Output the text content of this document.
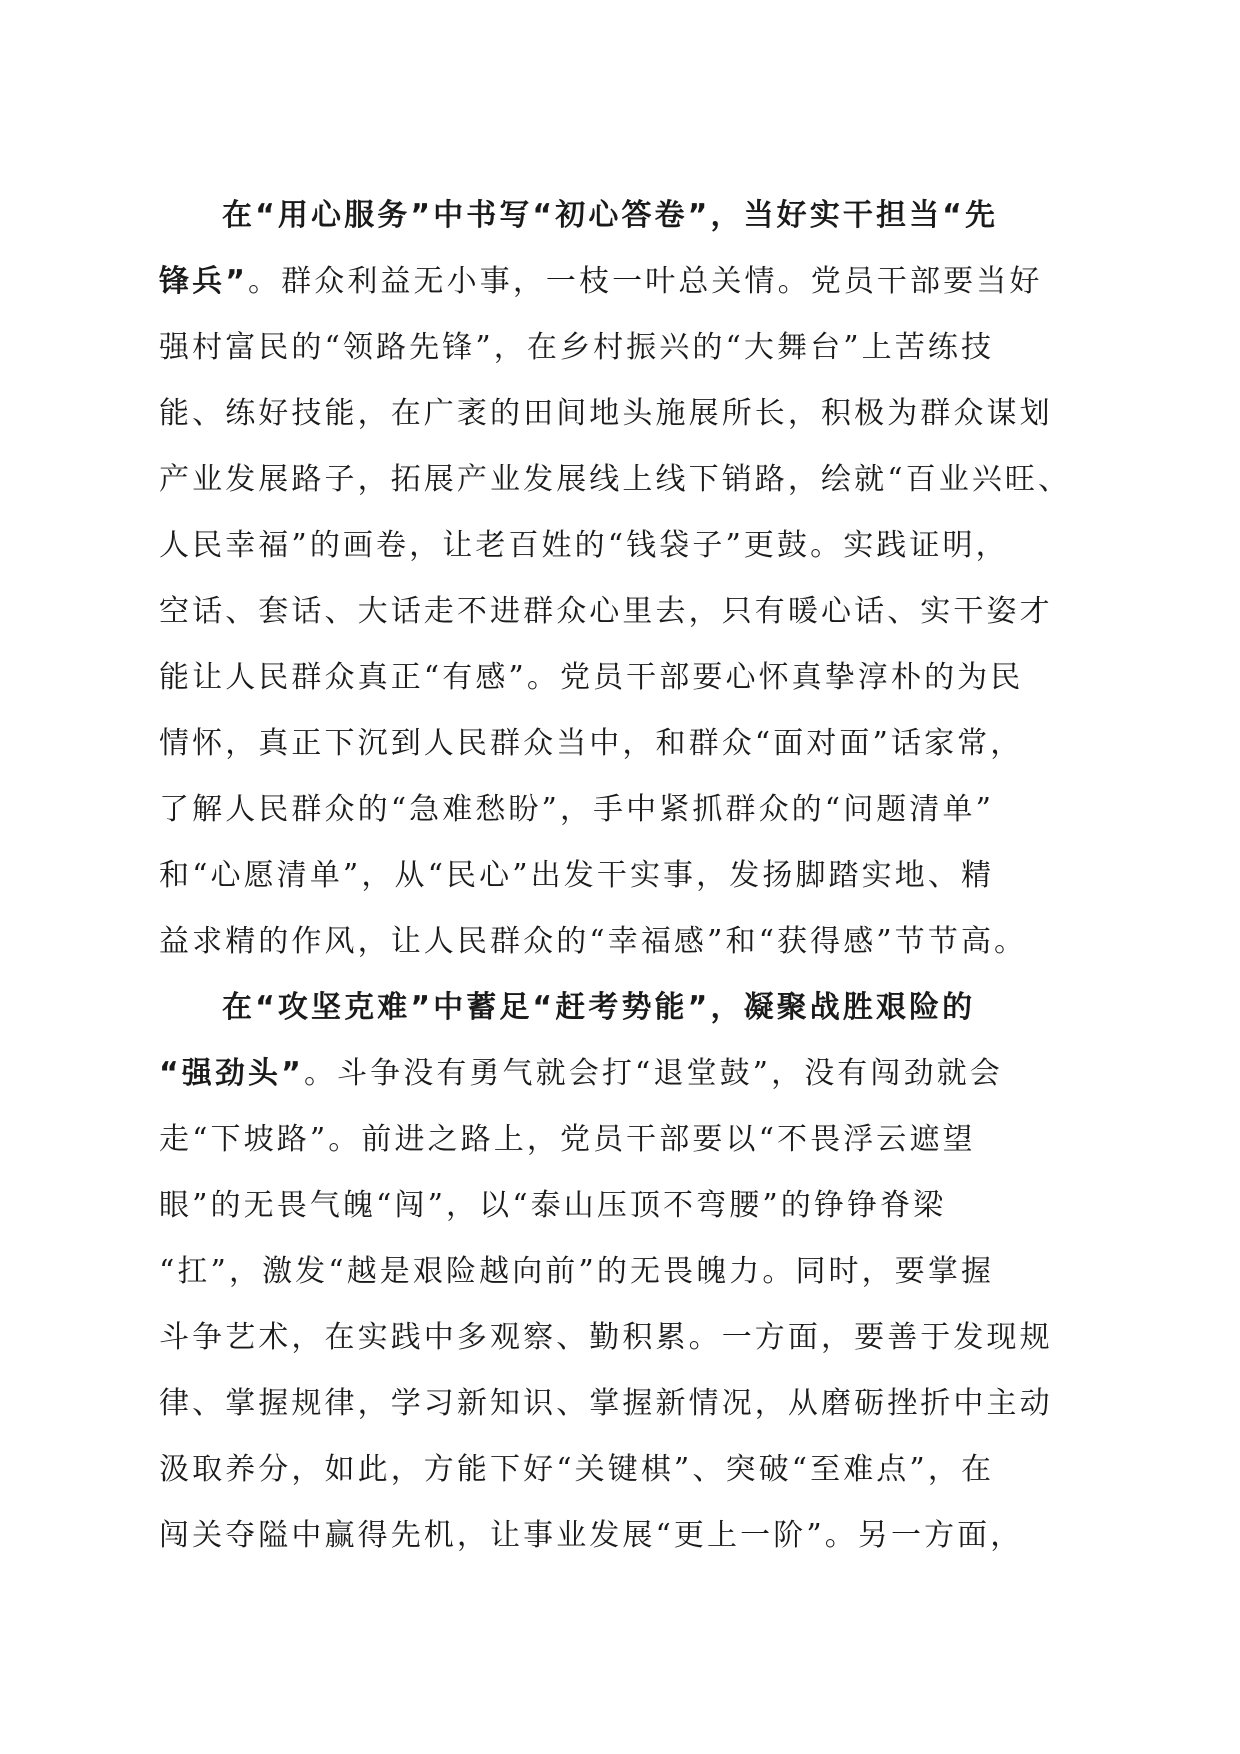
在“用心服务”中书写“初心答卷”，当好实干担当“先
锋兵”。群众利益无小事，一枝一叶总关情。党员干部要当好
强村富民的“领路先锋”，在乡村振兴的“大舞台”上苦练技
能、练好技能，在广袤的田间地头施展所长，积极为群众谋划
产业发展路子，拓展产业发展线上线下销路，绘就“百业兴旺、
人民幸福”的画卷，让老百姓的“钱袋子”更鼓。实践证明，
空话、套话、大话走不进群众心里去，只有暖心话、实干姿才
能让人民群众真正“有感”。党员干部要心怀真挚淳朴的为民
情怀，真正下沉到人民群众当中，和群众“面对面”话家常，
了解人民群众的“急难愁盼”，手中紧抓群众的“问题清单”
和“心愿清单”，从“民心”出发干实事，发扬脚踏实地、精
益求精的作风，让人民群众的“幸福感”和“获得感”节节高。
在“攻坚克难”中蓄足“赶考势能”，凝聚战胜艰险的
“强劲头”。斗争没有勇气就会打“退堂鼓”，没有闯劲就会
走“下坡路”。前进之路上，党员干部要以“不畏浮云遮望
眼”的无畏气魄“闯”，以“泰山压顶不弯腰”的铮铮脊梁
“扛”，激发“越是艰险越向前”的无畏魄力。同时，要掌握
斗争艺术，在实践中多观察、勤积累。一方面，要善于发现规
律、掌握规律，学习新知识、掌握新情况，从磨砺挫折中主动
汲取养分，如此，方能下好“关键棋”、突破“至难点”，在
闯关夺隘中赢得先机，让事业发展“更上一阶”。另一方面，
